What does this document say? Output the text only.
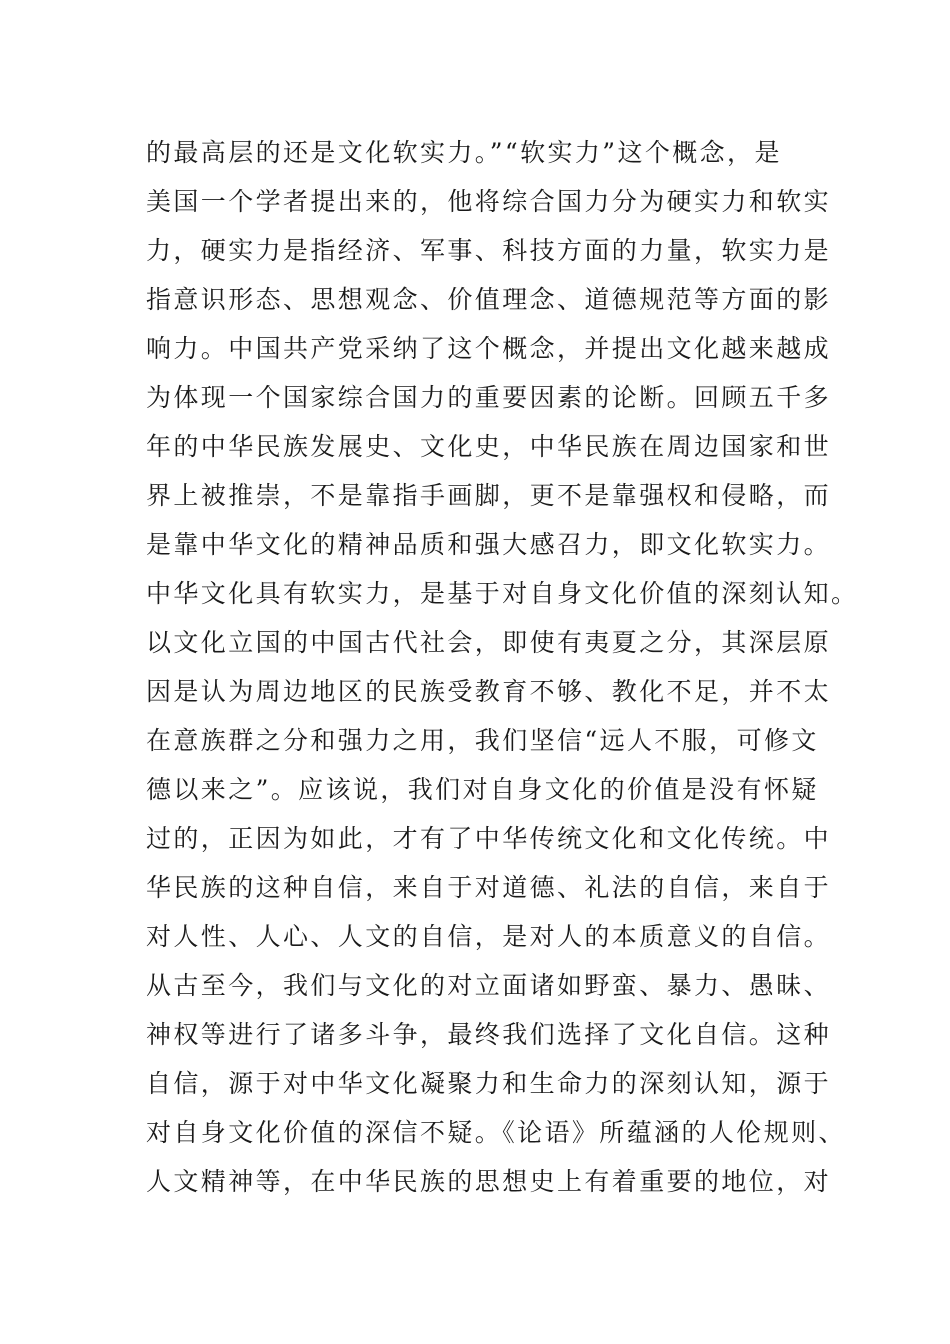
的最高层的还是文化软实力。”“软实力”这个概念，是
美国一个学者提出来的，他将综合国力分为硬实力和软实
力，硬实力是指经济、军事、科技方面的力量，软实力是
指意识形态、思想观念、价值理念、道德规范等方面的影
响力。中国共产党采纳了这个概念，并提出文化越来越成
为体现一个国家综合国力的重要因素的论断。回顾五千多
年的中华民族发展史、文化史，中华民族在周边国家和世
界上被推崇，不是靠指手画脚，更不是靠强权和侵略，而
是靠中华文化的精神品质和强大感召力，即文化软实力。
中华文化具有软实力，是基于对自身文化价值的深刻认知。
以文化立国的中国古代社会，即使有夷夏之分，其深层原
因是认为周边地区的民族受教育不够、教化不足，并不太
在意族群之分和强力之用，我们坚信“远人不服，可修文
德以来之”。应该说，我们对自身文化的价值是没有怀疑
过的，正因为如此，才有了中华传统文化和文化传统。中
华民族的这种自信，来自于对道德、礼法的自信，来自于
对人性、人心、人文的自信，是对人的本质意义的自信。
从古至今，我们与文化的对立面诸如野蛮、暴力、愚昧、
神权等进行了诸多斗争，最终我们选择了文化自信。这种
自信，源于对中华文化凝聚力和生命力的深刻认知，源于
对自身文化价值的深信不疑。《论语》所蕴涵的人伦规则、
人文精神等，在中华民族的思想史上有着重要的地位，对
